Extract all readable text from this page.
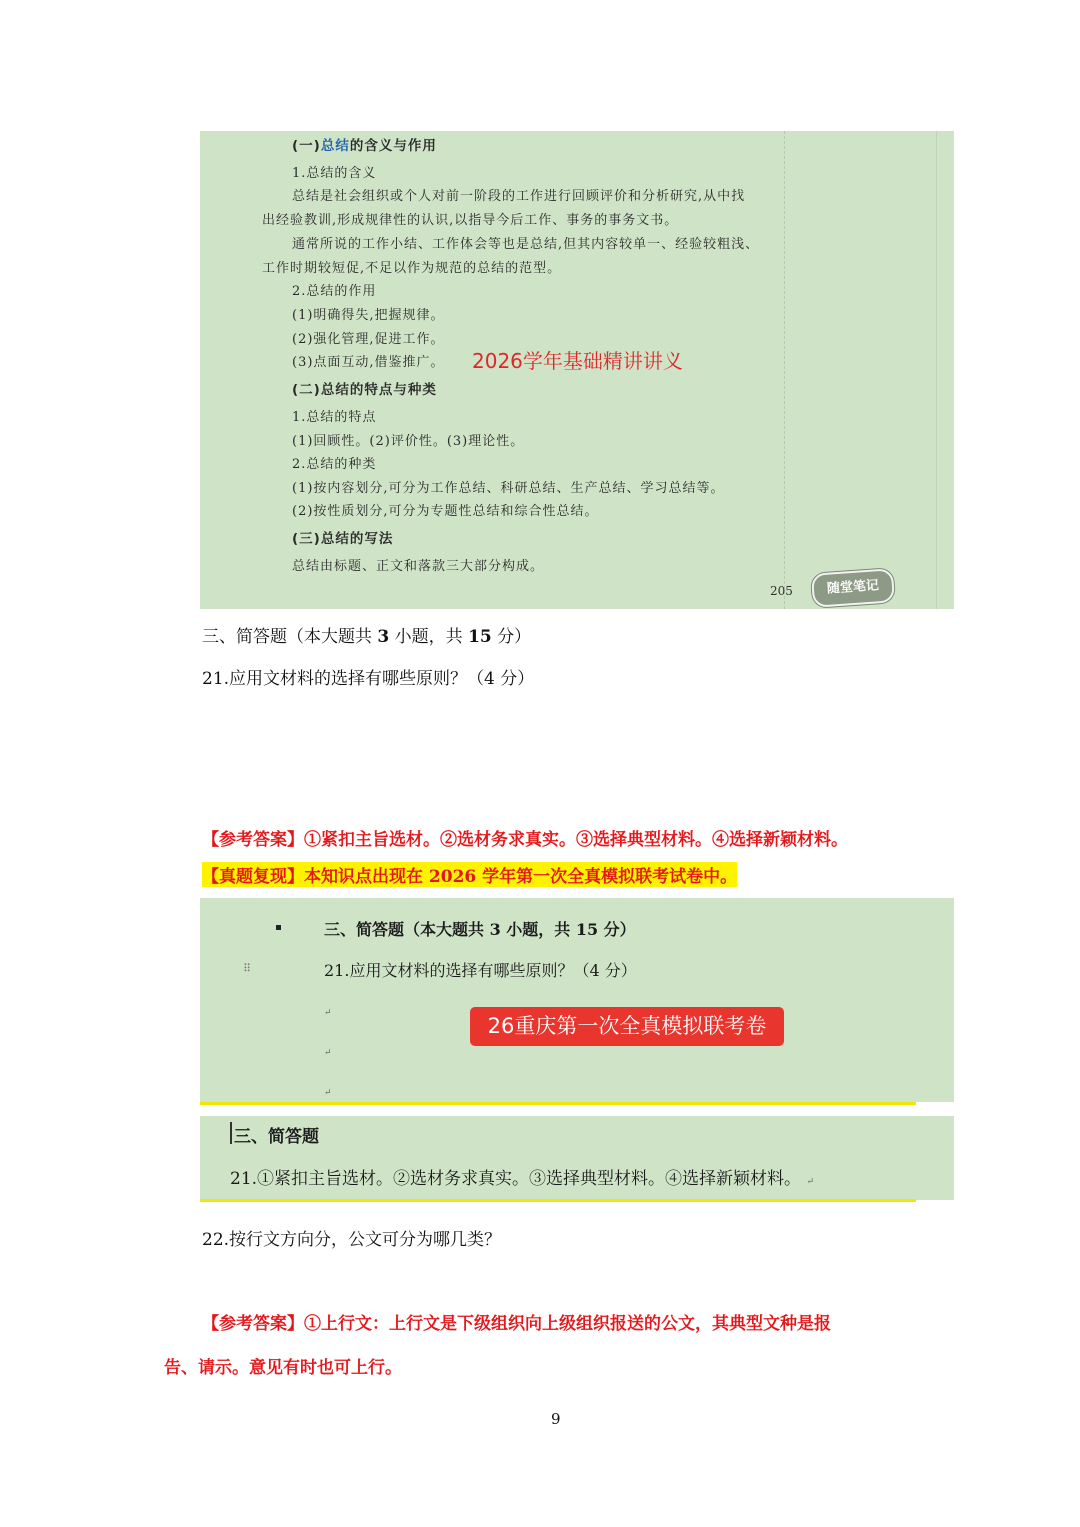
(一)总结的含义与作用
1.总结的含义
总结是社会组织或个人对前一阶段的工作进行回顾评价和分析研究,从中找
出经验教训,形成规律性的认识,以指导今后工作、事务的事务文书。
通常所说的工作小结、工作体会等也是总结,但其内容较单一、经验较粗浅、
工作时期较短促,不足以作为规范的总结的范型。
2.总结的作用
(1)明确得失,把握规律。
(2)强化管理,促进工作。
(3)点面互动,借鉴推广。 2026学年基础精讲讲义
(二)总结的特点与种类
1.总结的特点
(1)回顾性。(2)评价性。(3)理论性。
2.总结的种类
(1)按内容划分,可分为工作总结、科研总结、生产总结、学习总结等。
(2)按性质划分,可分为专题性总结和综合性总结。
(三)总结的写法
总结由标题、正文和落款三大部分构成。
205	随堂笔记
三、简答题（本大题共 3 小题，共 15 分）
21.应用文材料的选择有哪些原则？（4 分）
【参考答案】①紧扣主旨选材。②选材务求真实。③选择典型材料。④选择新颖材料。
【真题复现】本知识点出现在 2026 学年第一次全真模拟联考试卷中。
三、简答题（本大题共 3 小题，共 15 分）
⠿	21.应用文材料的选择有哪些原则？（4 分）
↵
↵
↵
26重庆第一次全真模拟联考卷
三、简答题
21.①紧扣主旨选材。②选材务求真实。③选择典型材料。④选择新颖材料。 ↵
22.按行文方向分，公文可分为哪几类？
【参考答案】①上行文：上行文是下级组织向上级组织报送的公文，其典型文种是报
告、请示。意见有时也可上行。
9
